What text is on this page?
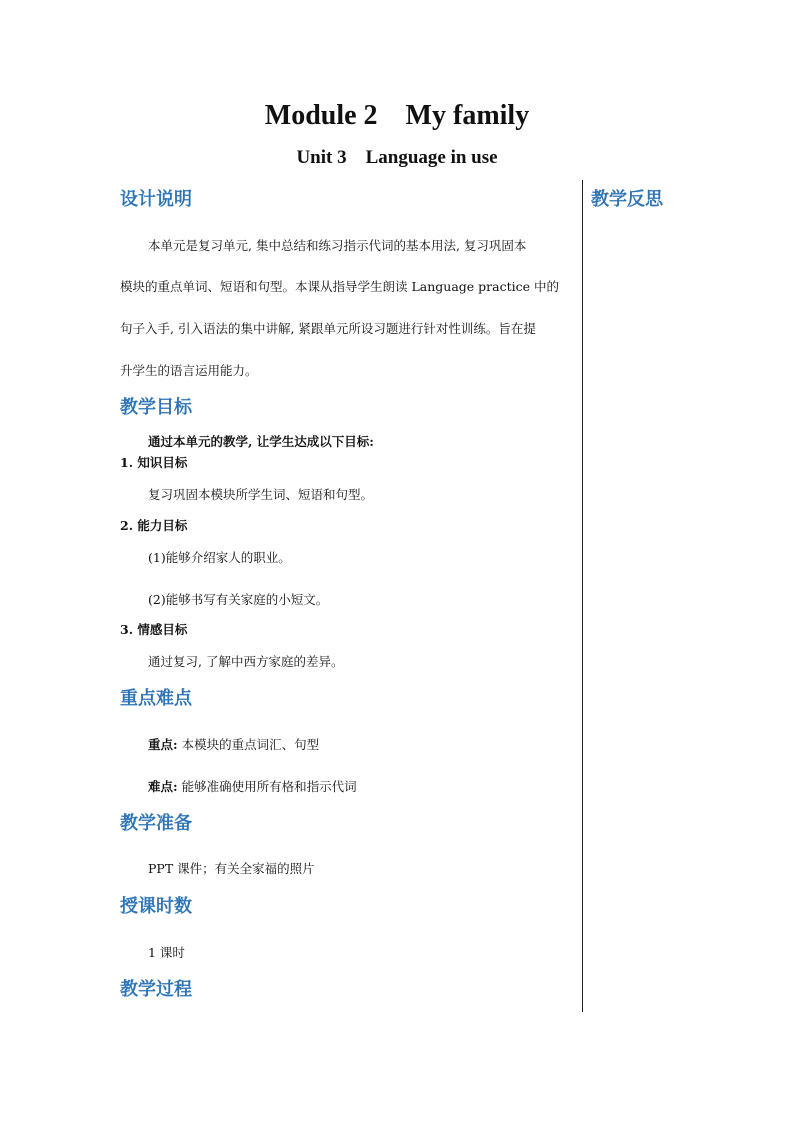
Module 2    My family
Unit 3    Language in use
教学反思
设计说明
本单元是复习单元, 集中总结和练习指示代词的基本用法, 复习巩固本
模块的重点单词、短语和句型。本课从指导学生朗读 Language practice 中的
句子入手, 引入语法的集中讲解, 紧跟单元所设习题进行针对性训练。旨在提
升学生的语言运用能力。
教学目标
通过本单元的教学, 让学生达成以下目标:
1. 知识目标
复习巩固本模块所学生词、短语和句型。
2. 能力目标
(1)能够介绍家人的职业。
(2)能够书写有关家庭的小短文。
3. 情感目标
通过复习, 了解中西方家庭的差异。
重点难点
重点: 本模块的重点词汇、句型
难点: 能够准确使用所有格和指示代词
教学准备
PPT 课件；有关全家福的照片
授课时数
1 课时
教学过程
